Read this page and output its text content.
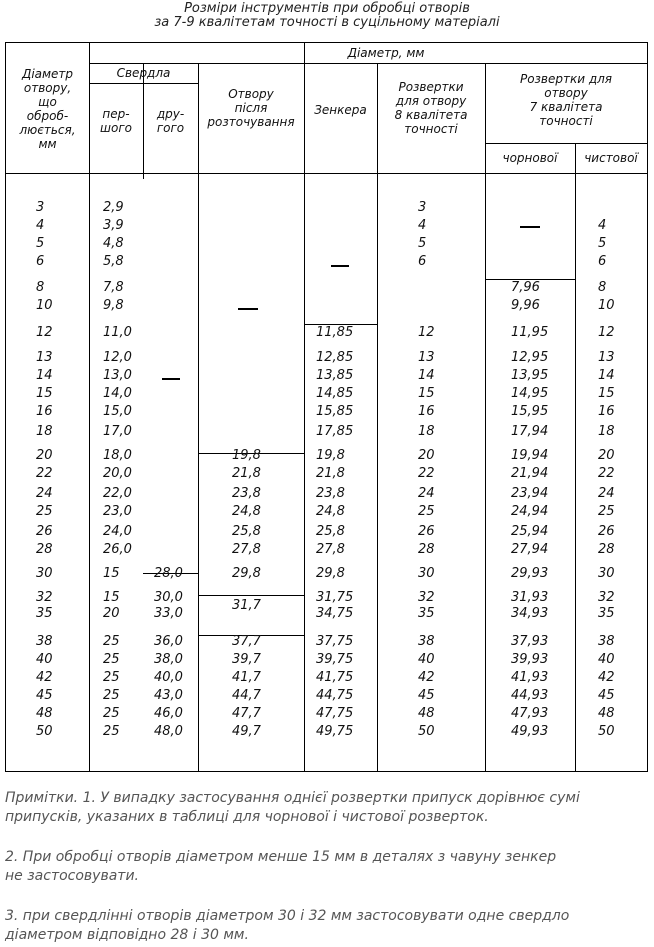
Розміри інструментів при обробці отворів
за 7-9 квалітетам точності в суцільному матеріалі
Діаметр, мм
Діаметр
отвору,
що
оброб-
люється,
мм
Свердла
пер-
шого
дру-
гого
Отвору
після
розточування
Зенкера
Розвертки
для отвору
8 квалітета
точності
Розвертки для
отвору
7 квалітета
точності
чорнової	чистової
3
4
5
6
8
10
12
13
14
15
16
18
20
22
24
25
26
28
30
32
35
38
40
42
45
48
50
2,9
3,9
4,8
5,8
7,8
9,8
11,0
12,0
13,0
14,0
15,0
17,0
18,0
20,0
22,0
23,0
24,0
26,0
15
15
20
25
25
25
25
25
25
28,0
30,0
33,0
36,0
38,0
40,0
43,0
46,0
48,0
19,8
21,8
23,8
24,8
25,8
27,8
29,8
31,7
37,7
39,7
41,7
44,7
47,7
49,7
11,85
12,85
13,85
14,85
15,85
17,85
19,8
21,8
23,8
24,8
25,8
27,8
29,8
31,75
34,75
37,75
39,75
41,75
44,75
47,75
49,75
3
4
5
6
12
13
14
15
16
18
20
22
24
25
26
28
30
32
35
38
40
42
45
48
50
7,96
9,96
11,95
12,95
13,95
14,95
15,95
17,94
19,94
21,94
23,94
24,94
25,94
27,94
29,93
31,93
34,93
37,93
39,93
41,93
44,93
47,93
49,93
4
5
6
8
10
12
13
14
15
16
18
20
22
24
25
26
28
30
32
35
38
40
42
45
48
50
Примітки. 1. У випадку застосування однієї розвертки припуск дорівнює сумі
припусків, указаних в таблиці для чорнової і чистової розверток.
2. При обробці отворів діаметром менше 15 мм в деталях з чавуну зенкер
не застосовувати.
3. при свердлінні отворів діаметром 30 і 32 мм застосовувати одне свердло
діаметром відповідно 28 і 30 мм.
